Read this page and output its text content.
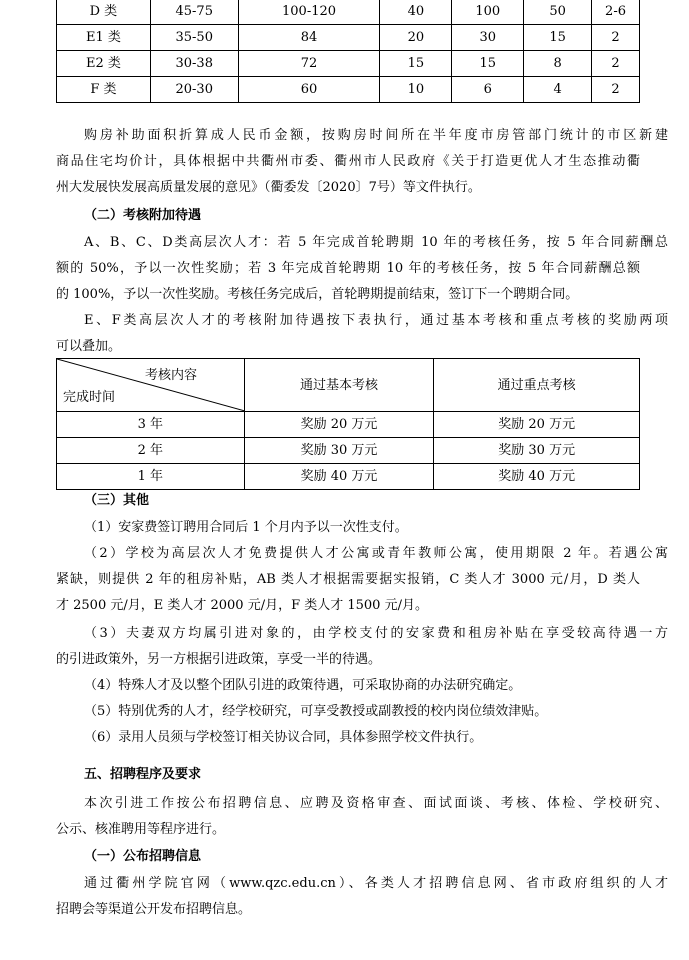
D 类	45-75	100-120	40	100	50	2-6
E1 类	35-50	84	20	30	15	2
E2 类	30-38	72	15	15	8	2
F 类	20-30	60	10	6	4	2
购房补助面积折算成人民币金额，按购房时间所在半年度市房管部门统计的市区新建
商品住宅均价计，具体根据中共衢州市委、衢州市人民政府《关于打造更优人才生态推动衢
州大发展快发展高质量发展的意见》（衢委发〔2020〕7号）等文件执行。
（二）考核附加待遇
A、B、C、D类高层次人才：若 5 年完成首轮聘期 10 年的考核任务，按 5 年合同薪酬总
额的 50%，予以一次性奖励；若 3 年完成首轮聘期 10 年的考核任务，按 5 年合同薪酬总额
的 100%，予以一次性奖励。考核任务完成后，首轮聘期提前结束，签订下一个聘期合同。
E、F类高层次人才的考核附加待遇按下表执行，通过基本考核和重点考核的奖励两项
可以叠加。
考核内容
完成时间	通过基本考核	通过重点考核
3 年	奖励 20 万元	奖励 20 万元
2 年	奖励 30 万元	奖励 30 万元
1 年	奖励 40 万元	奖励 40 万元
（三）其他
（1）安家费签订聘用合同后 1 个月内予以一次性支付。
（2）学校为高层次人才免费提供人才公寓或青年教师公寓，使用期限 2 年。若遇公寓
紧缺，则提供 2 年的租房补贴，AB 类人才根据需要据实报销，C 类人才 3000 元/月，D 类人
才 2500 元/月，E 类人才 2000 元/月，F 类人才 1500 元/月。
（3）夫妻双方均属引进对象的，由学校支付的安家费和租房补贴在享受较高待遇一方
的引进政策外，另一方根据引进政策，享受一半的待遇。
（4）特殊人才及以整个团队引进的政策待遇，可采取协商的办法研究确定。
（5）特别优秀的人才，经学校研究，可享受教授或副教授的校内岗位绩效津贴。
（6）录用人员须与学校签订相关协议合同，具体参照学校文件执行。
五、招聘程序及要求
本次引进工作按公布招聘信息、应聘及资格审查、面试面谈、考核、体检、学校研究、
公示、核准聘用等程序进行。
（一）公布招聘信息
通过衢州学院官网（www.qzc.edu.cn）、各类人才招聘信息网、省市政府组织的人才
招聘会等渠道公开发布招聘信息。
